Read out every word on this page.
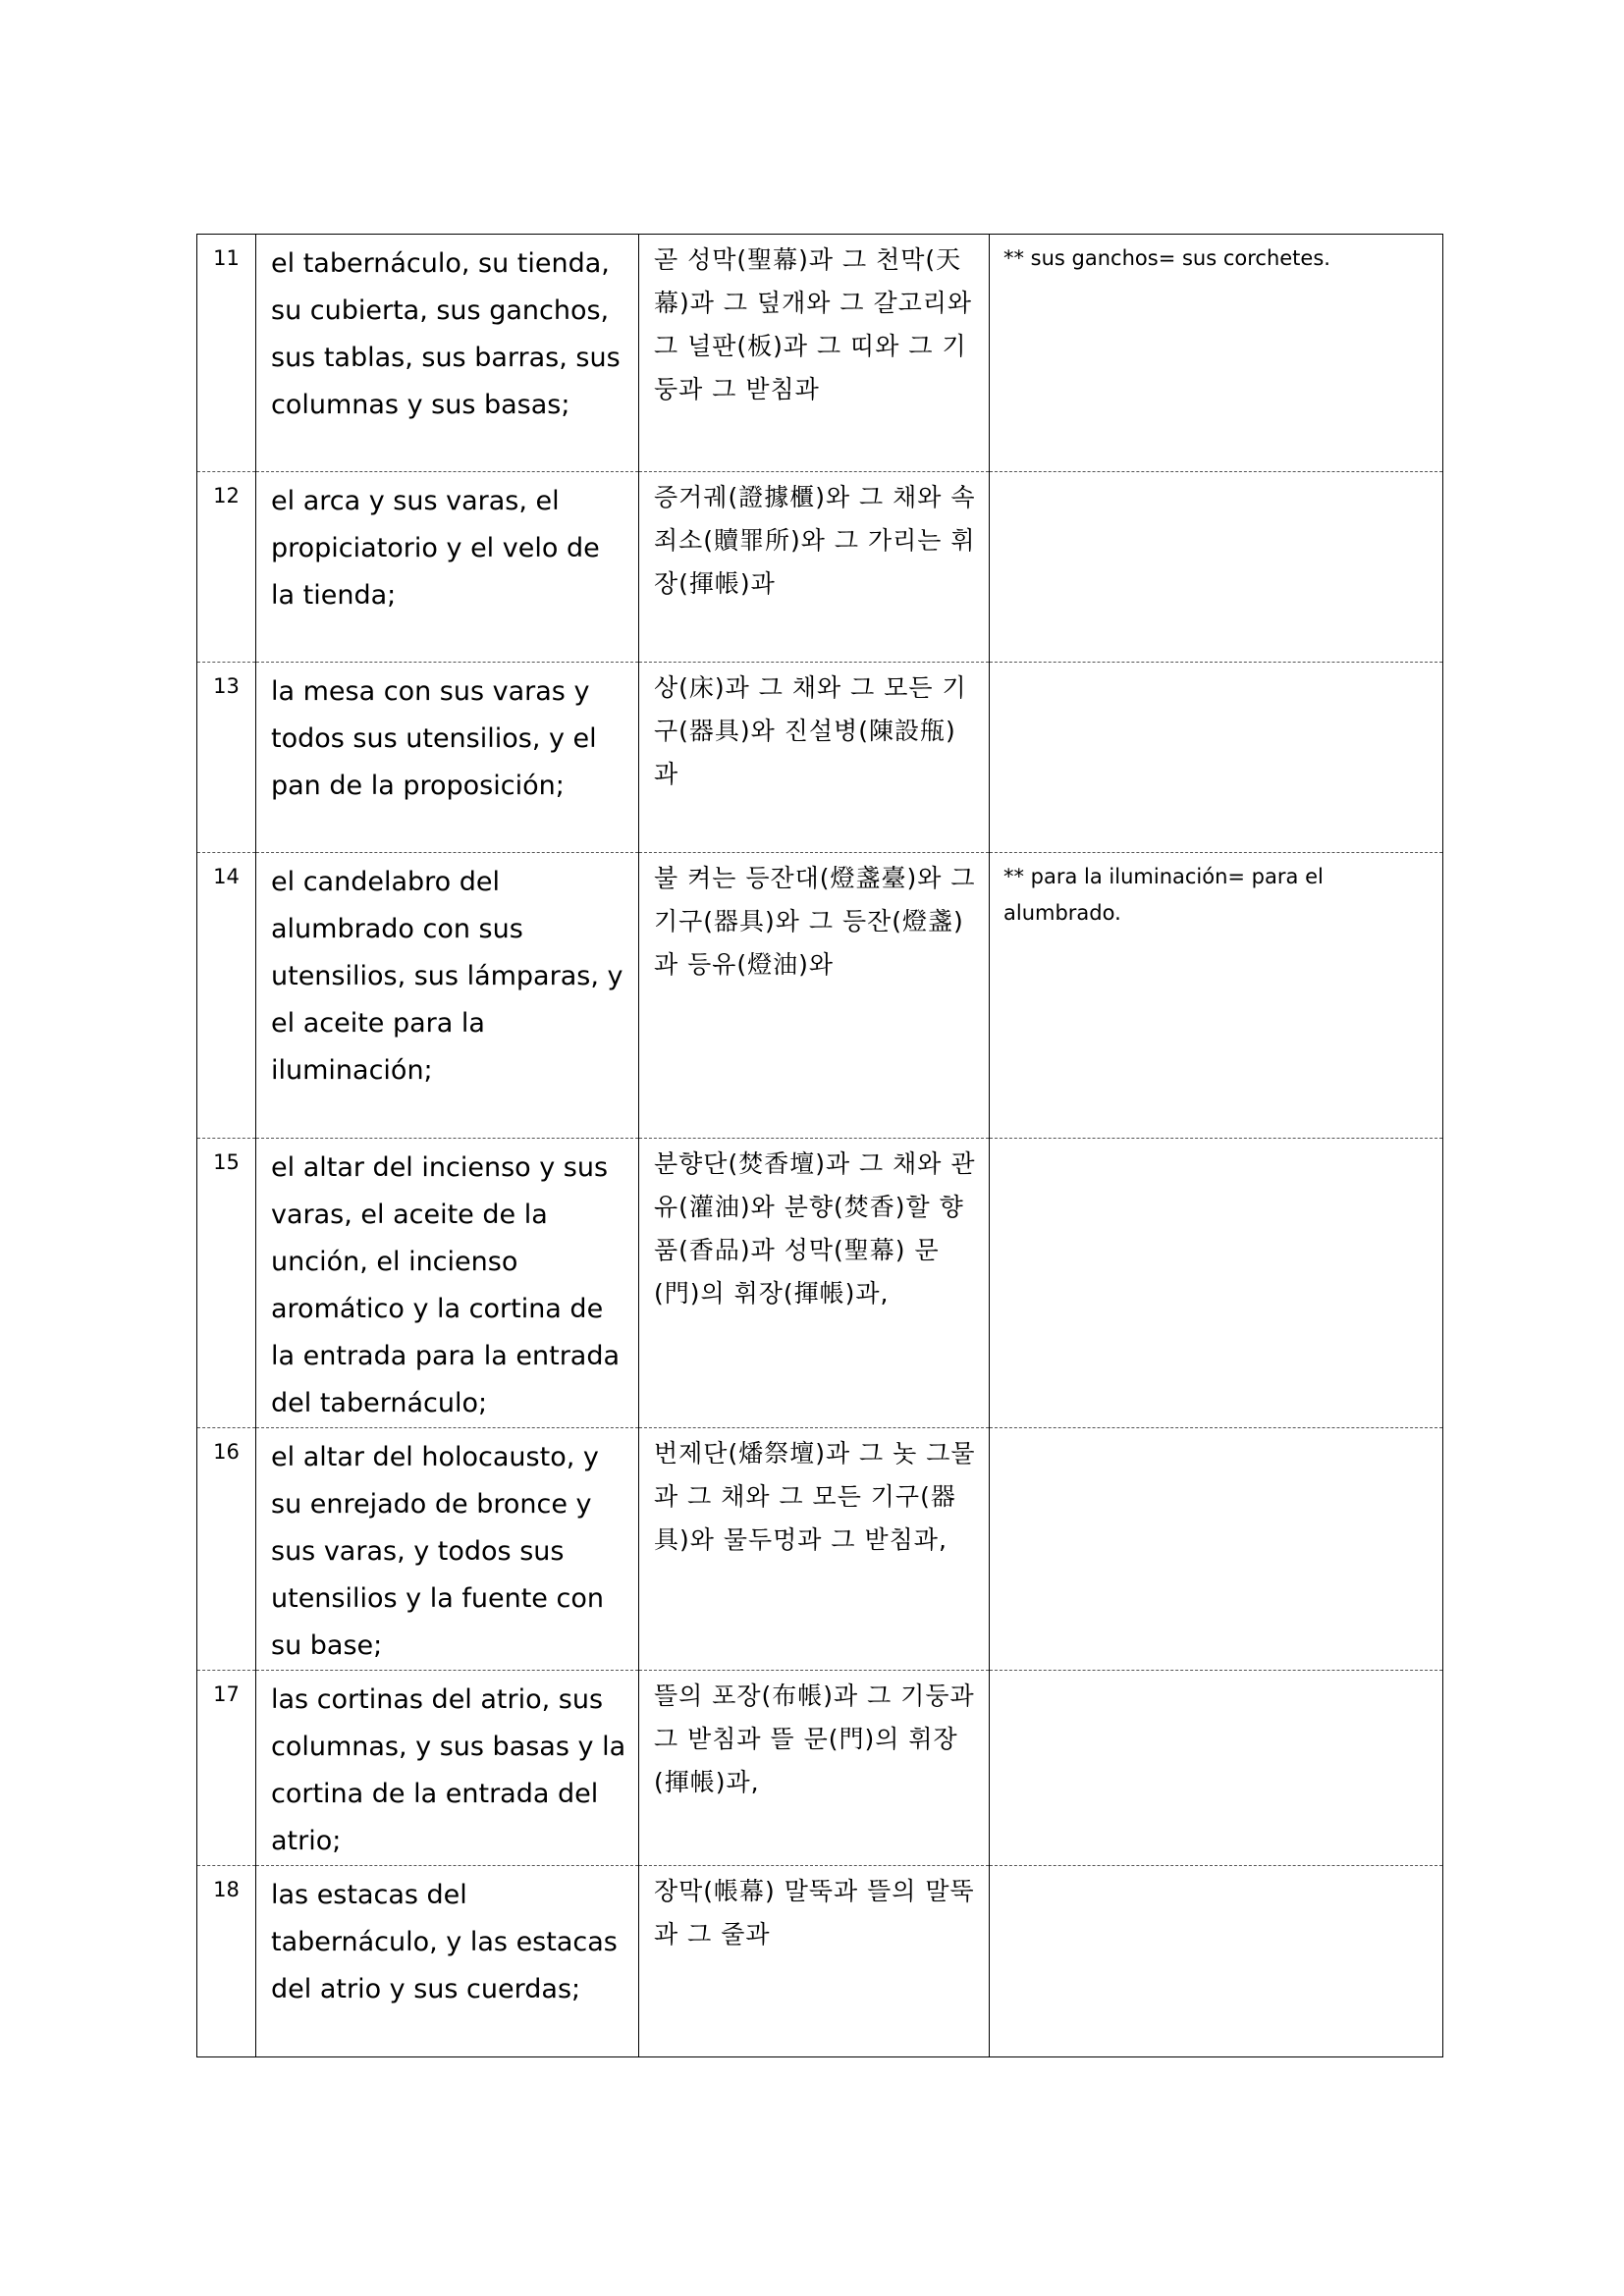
11	el tabernáculo, su tienda, su cubierta, sus ganchos, sus tablas, sus barras, sus columnas y sus basas;	곧 성막(聖幕)과 그 천막(天幕)과 그 덮개와 그 갈고리와 그 널판(板)과 그 띠와 그 기둥과 그 받침과	** sus ganchos= sus corchetes.

12	el arca y sus varas, el propiciatorio y el velo de la tienda;	증거궤(證據櫃)와 그 채와 속죄소(贖罪所)와 그 가리는 휘장(揮帳)과	

13	la mesa con sus varas y todos sus utensilios, y el pan de la proposición;	상(床)과 그 채와 그 모든 기구(器具)와 진설병(陳設甁)과	

14	el candelabro del alumbrado con sus utensilios, sus lámparas, y el aceite para la iluminación;	불 켜는 등잔대(燈盞臺)와 그 기구(器具)와 그 등잔(燈盞)과 등유(燈油)와	** para la iluminación= para el alumbrado.

15	el altar del incienso y sus varas, el aceite de la unción, el incienso aromático y la cortina de la entrada para la entrada del tabernáculo;	분향단(焚香壇)과 그 채와 관유(灌油)와 분향(焚香)할 향품(香品)과 성막(聖幕) 문(門)의 휘장(揮帳)과,	

16	el altar del holocausto, y su enrejado de bronce y sus varas, y todos sus utensilios y la fuente con su base;	번제단(燔祭壇)과 그 놋 그물과 그 채와 그 모든 기구(器具)와 물두멍과 그 받침과,	

17	las cortinas del atrio, sus columnas, y sus basas y la cortina de la entrada del atrio;	뜰의 포장(布帳)과 그 기둥과 그 받침과 뜰 문(門)의 휘장(揮帳)과,	

18	las estacas del tabernáculo, y las estacas del atrio y sus cuerdas;	장막(帳幕) 말뚝과 뜰의 말뚝과 그 줄과	
